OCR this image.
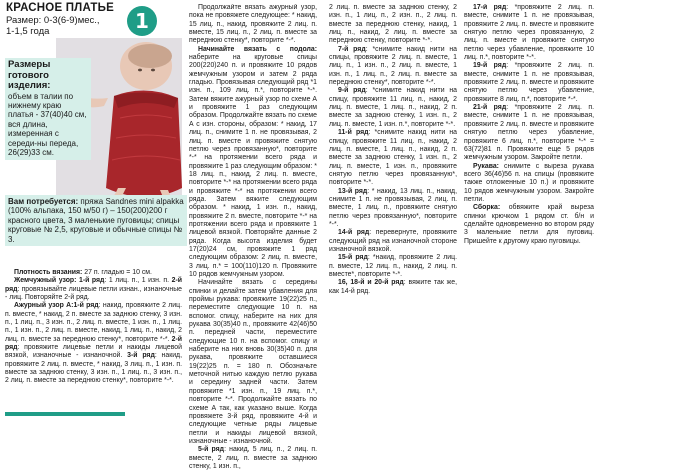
КРАСНОЕ ПЛАТЬЕ
Размер: 0-3(6-9)мес.,
1-1,5 года	1
Размеры готового изделия:
объем в талии по нижнему краю платья - 37(40)40 см, вся длина, измеренная с середи-ны переда, 26(29)33 см.
Вам потребуется: пряжа Sandnes mini alpakka (100% альпака, 150 м/50 г) – 150(200)200 г красного цвета, 3 маленькие пуговицы; спицы круговые № 2,5, круговые и обычные спицы № 3.

Плотность вязания: 27 п. гладью = 10 см.

Жемчужный узор: 1-й ряд: 1 лиц. п., 1 изн. п. 2-й ряд: провязывайте лицевые петли изнан., изнаночные - лиц. Повторяйте 2-й ряд.

Ажурный узор А:1-й ряд: накид, провяжите 2 лиц. п. вместе, * накид, 2 п. вместе за заднюю стенку, 3 изн. п., 1 лиц. п., 3 изн. п., 2 лиц. п. вместе, 1 изн. п., 1 лиц. п., 1 изн. п., 2 лиц. п. вместе, накид, 1 лиц. п., накид, 2 лиц. п. вместе за переднюю стенку*, повторите *-*. 2-й ряд: провяжите лицевые петли и накиды лицевой вязкой, изнаночные - изнаночной. 3-й ряд: накид, провяжите 2 лиц. п. вместе, * накид, 3 лиц. п., 1 изн. п. вместе за заднюю стенку, 3 изн. п., 1 лиц. п., 3 изн. п., 2 лиц. п. вместе за переднюю стенку*, повторите *-*.

Продолжайте вязать ажурный узор, пока не провяжете следующее: * накид, 15 лиц. п., накид, провяжите 2 лиц. п. вместе, 15 лиц. п., 2 лиц. п. вместе за переднюю стенку*, повторите *-*.

Начинайте вязать с подола: наберите на круговые спицы 200(220)240 п. и провяжите 10 рядов жемчужным узором и затем 2 ряда гладью. Провязывая следующий ряд *1 изн. п., 109 лиц. п.*, повторите *-*. Затем вяжите ажурный узор по схеме А и провяжите 1 раз следующим образом. Продолжайте вязать по схеме А с изн. стороны, образом: * накид, 17 лиц. п., снимите 1 п. не провязывая, 2 лиц. п. вместе и провяжите снятую петлю через провязанную*, повторите *-* на протяжении всего ряда и провяжите 1 раз следующим образом: * 18 лиц. п., накид, 2 лиц. п. вместе, повторите *-* на протяжении всего ряда и провяжите *-* на протяжении всего ряда. Затем вяжите следующим образом. * накид, 1 изн. п., накид, провяжите 2 п. вместе, повторите *-* на протяжении всего ряда и провяжите 1 лицевой вязкой. Повторяйте данные 2 ряда. Когда высота изделия будет 17(20)24 см, провяжите 1 ряд следующим образом: 2 лиц. п. вместе, 3 лиц. п.* = 100(110)120 п. Провяжите 10 рядов жемчужным узором.

Начинайте вязать с середины спинки и делайте затем убавления для проймы рукава: провяжите 19(22)25 п., переместите следующие 10 п. на вспомог. спицу, наберите на них для рукава 30(35)40 п., провяжите 42(46)50 п. передней части, переместите следующие 10 п. на вспомог. спицу и наберите на них вновь 30(35)40 п. для рукава, провяжите оставшиеся 19(22)25 п. = 180 п. Обозначьте меточной нитью каждую петлю рукава и середину задней части. Затем провяжите *1 изн. п., 19 лиц. п.*, повторите *-*. Продолжайте вязать по схеме А так, как указано выше. Когда провяжете 3-й ряд, провяжите 4-й и следующие четные ряды лицевые петли и накиды лицевой вязкой, изнаночные - изнаночной.

5-й ряд: накид, 5 лиц. п., 2 лиц. п. вместе, 2 лиц. п. вместе за заднюю стенку, 1 изн. п.,

2 лиц. п. вместе за заднюю стенку, 2 изн. п., 1 лиц. п., 2 изн. п., 2 лиц. п. вместе за переднюю стенку, накид, 1 лиц. п., накид, 2 лиц. п. вместе за переднюю стенку, повторите *-*.

7-й ряд: *снимите накид нити на спицы, провяжите 2 лиц. п. вместе, 1 лиц. п., 1 изн. п., 2 лиц. п. вместе, 1 изн. п., 1 лиц. п., 2 лиц. п. вместе за переднюю стенку*, повторите *-*.

9-й ряд: *снимите накид нити на спицу, провяжите 11 лиц. п., накид, 2 лиц. п. вместе, 1 лиц. п., накид, 2 п. вместе за заднюю стенку, 1 изн. п., 2 лиц. п. вместе, 1 изн. п.*, повторите *-*.

11-й ряд: *снимите накид нити на спицу, провяжите 11 лиц. п., накид, 2 лиц. п. вместе, 1 лиц. п., накид, 2 п. вместе за заднюю стенку, 1 изн. п., 2 лиц. п. вместе, 1 изн. п., провяжите снятую петлю через провязанную*, повторите *-*.

13-й ряд: * накид, 13 лиц. п., накид, снимите 1 п. не провязывая, 2 лиц. п. вместе, 1 лиц. п., провяжите снятую петлю через провязанную*, повторите *-*.

14-й ряд: перевернуте, провяжите следующий ряд на изнаночной стороне изнаночной вязкой.

15-й ряд: *накид, провяжите 2 лиц. п. вместе, 12 лиц. п., накид, 2 лиц. п. вместе*, повторите *-*.

16, 18-й и 20-й ряд: вяжите так же, как 14-й ряд.

17-й ряд: *провяжите 2 лиц. п. вместе, снимите 1 п. не провязывая, провяжите 2 лиц. п. вместе и провяжите снятую петлю через провязанную, 2 лиц. п. вместе и провяжите снятую петлю через убавление, провяжите 10 лиц. п.*, повторите *-*.

19-й ряд: *провяжите 2 лиц. п. вместе, снимите 1 п. не провязывая, провяжите 2 лиц. п. вместе и провяжите снятую петлю через убавление, провяжите 8 лиц. п.*, повторите *-*.

21-й ряд: *провяжите 2 лиц. п. вместе, снимите 1 п. не провязывая, провяжите 2 лиц. п. вместе и провяжите снятую петлю через убавление, провяжите 6 лиц. п.*, повторите *-* = 63(72)81 п. Провяжите еще 5 рядов жемчужным узором. Закройте петли.

Рукава: снимите с выреза рукава всего 36(46)56 п. на спицы (провяжите также отложенные 10 п.) и провяжите 10 рядов жемчужным узором. Закройте петли.

Сборка: обвяжите край выреза спинки крючком 1 рядом ст. б/н и сделайте одновременно во втором ряду 3 маленькие петли для пуговиц. Пришейте к другому краю пуговицы.
